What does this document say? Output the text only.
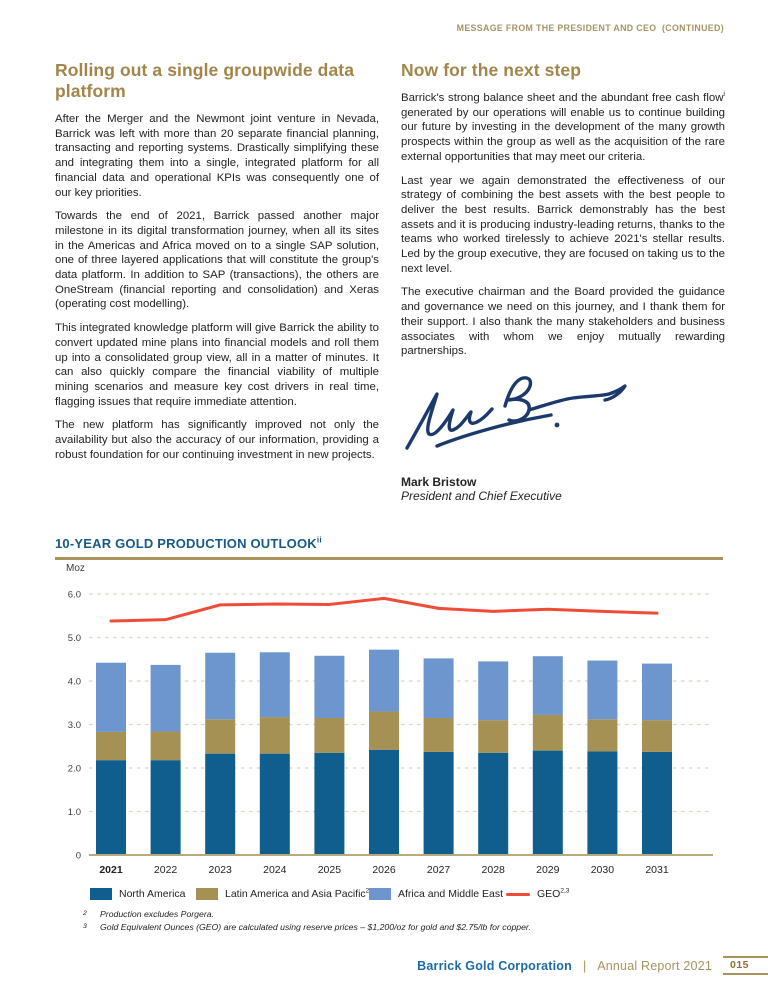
MESSAGE FROM THE PRESIDENT AND CEO  (CONTINUED)
Rolling out a single groupwide data platform

After the Merger and the Newmont joint venture in Nevada, Barrick was left with more than 20 separate financial planning, transacting and reporting systems. Drastically simplifying these and integrating them into a single, integrated platform for all financial data and operational KPIs was consequently one of our key priorities.

Towards the end of 2021, Barrick passed another major milestone in its digital transformation journey, when all its sites in the Americas and Africa moved on to a single SAP solution, one of three layered applications that will constitute the group's data platform. In addition to SAP (transactions), the others are OneStream (financial reporting and consolidation) and Xeras (operating cost modelling).

This integrated knowledge platform will give Barrick the ability to convert updated mine plans into financial models and roll them up into a consolidated group view, all in a matter of minutes. It can also quickly compare the financial viability of multiple mining scenarios and measure key cost drivers in real time, flagging issues that require immediate attention.

The new platform has significantly improved not only the availability but also the accuracy of our information, providing a robust foundation for our continuing investment in new projects.

Now for the next step

Barrick's strong balance sheet and the abundant free cash flow$^i$ generated by our operations will enable us to continue building our future by investing in the development of the many growth prospects within the group as well as the acquisition of the rare external opportunities that may meet our criteria.

Last year we again demonstrated the effectiveness of our strategy of combining the best assets with the best people to deliver the best results. Barrick demonstrably has the best assets and it is producing industry-leading returns, thanks to the teams who worked tirelessly to achieve 2021's stellar results. Led by the group executive, they are focused on taking us to the next level.

The executive chairman and the Board provided the guidance and governance we need on this journey, and I thank them for their support. I also thank the many stakeholders and business associates with whom we enjoy mutually rewarding partnerships.

Mark Bristow
President and Chief Executive
10-YEAR GOLD PRODUCTION OUTLOOK$^{ii}$
Moz
0
1.0
2.0
3.0
4.0
5.0
6.0
2021	2022	2023	2024	2025	2026	2027	2028	2029	2030	2031
North America	Latin America and Asia Pacific$^2$	Africa and Middle East	GEO$^{2,3}$
2	Production excludes Porgera.
3	Gold Equivalent Ounces (GEO) are calculated using reserve prices – $1,200/oz for gold and $2.75/lb for copper.
Barrick Gold Corporation | Annual Report 2021	015
